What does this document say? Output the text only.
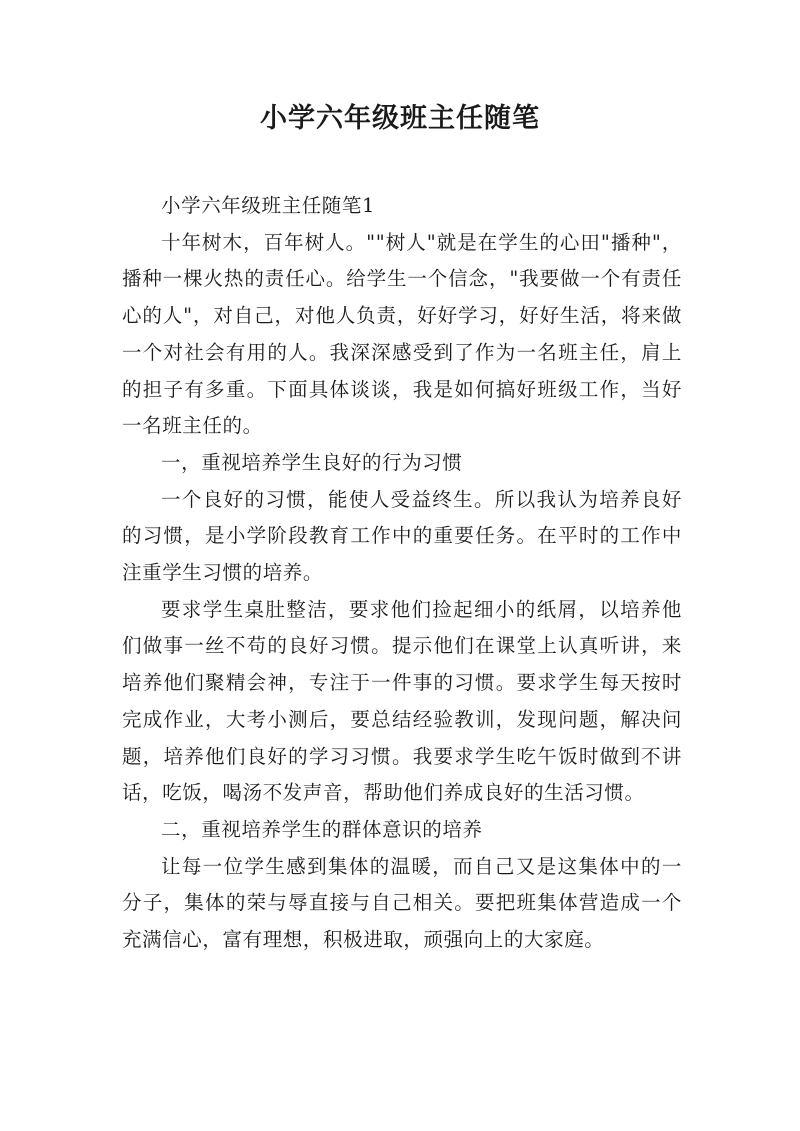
小学六年级班主任随笔

小学六年级班主任随笔1

十年树木，百年树人。""树人"就是在学生的心田"播种"，播种一棵火热的责任心。给学生一个信念，"我要做一个有责任心的人"，对自己，对他人负责，好好学习，好好生活，将来做一个对社会有用的人。我深深感受到了作为一名班主任，肩上的担子有多重。下面具体谈谈，我是如何搞好班级工作，当好一名班主任的。

一，重视培养学生良好的行为习惯

一个良好的习惯，能使人受益终生。所以我认为培养良好的习惯，是小学阶段教育工作中的重要任务。在平时的工作中注重学生习惯的培养。

要求学生桌肚整洁，要求他们捡起细小的纸屑，以培养他们做事一丝不苟的良好习惯。提示他们在课堂上认真听讲，来培养他们聚精会神，专注于一件事的习惯。要求学生每天按时完成作业，大考小测后，要总结经验教训，发现问题，解决问题，培养他们良好的学习习惯。我要求学生吃午饭时做到不讲话，吃饭，喝汤不发声音，帮助他们养成良好的生活习惯。

二，重视培养学生的群体意识的培养

让每一位学生感到集体的温暖，而自己又是这集体中的一分子，集体的荣与辱直接与自己相关。要把班集体营造成一个充满信心，富有理想，积极进取，顽强向上的大家庭。
